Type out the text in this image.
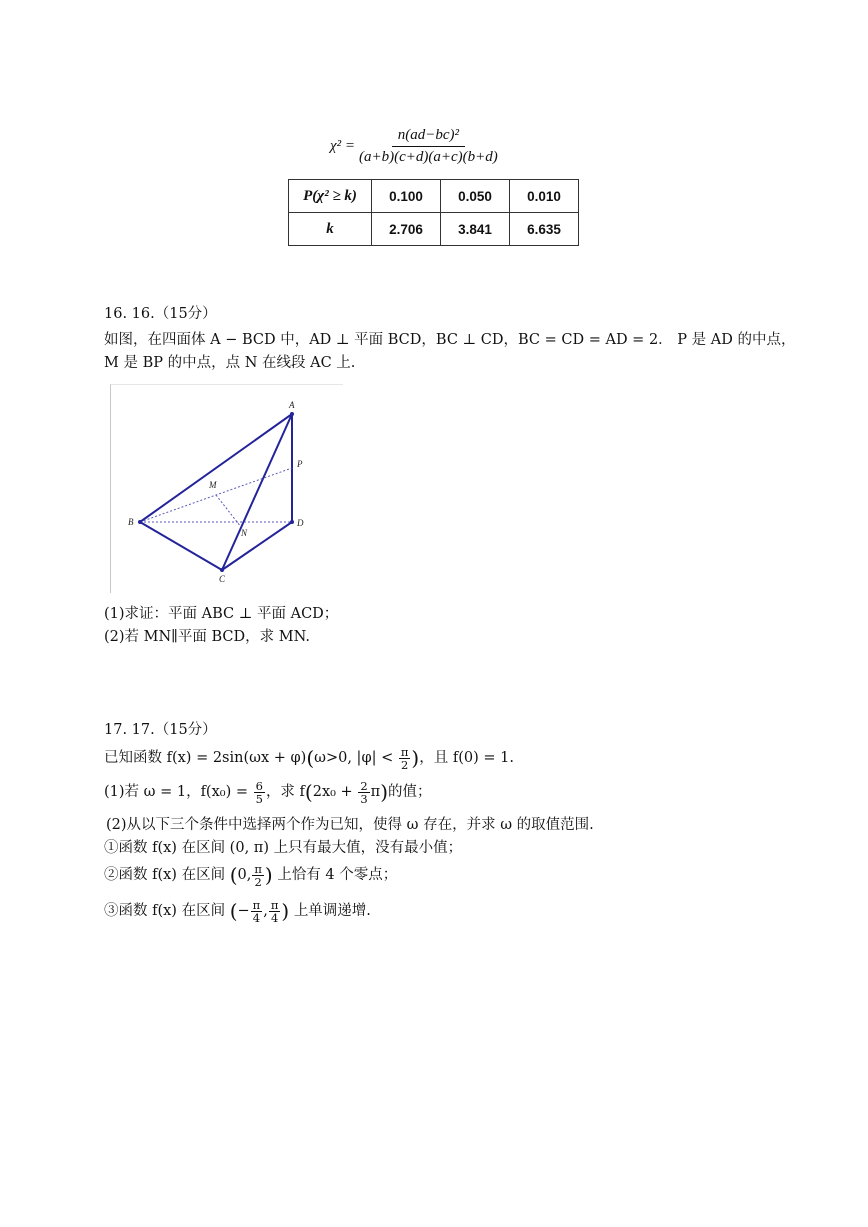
$\chi^2 = \frac{\text{n(ad−bc)²}}{(a+b)(c+d)(a+c)(b+d)}$
P(χ² ≥ k)	0.100	0.050	0.010
k	2.706	3.841	6.635
16. 16.（15分）
如图，在四面体 A − BCD 中，AD ⊥ 平面 BCD，BC ⊥ CD，BC = CD = AD = 2． P 是 AD 的中点，
M 是 BP 的中点，点 N 在线段 AC 上.
A
B
C
D
P
M
N
(1)求证：平面 ABC ⊥ 平面 ACD；
(2)若 MN∥平面 BCD，求 MN.
17. 17.（15分）
已知函数 f(x) = 2sin(ωx + φ)(ω>0, $|\varphi| < \frac{\pi}{2}$ )，且 f(0) = 1.
(1)若 ω = 1，$f(x_0) = \frac{6}{5}$ ，求 $f(2x_0 + \frac{2}{3} \pi)$的值；
(2)从以下三个条件中选择两个作为已知，使得 ω 存在，并求 ω 的取值范围.
①函数 f(x) 在区间 (0, π) 上只有最大值，没有最小值；
②函数 f(x) 在区间 (0, $\frac{\pi}{2}$ ) 上恰有 4 个零点；
③函数 f(x) 在区间 (− $\frac{\pi}{4}$ , $\frac{\pi}{4}$ ) 上单调递增.
